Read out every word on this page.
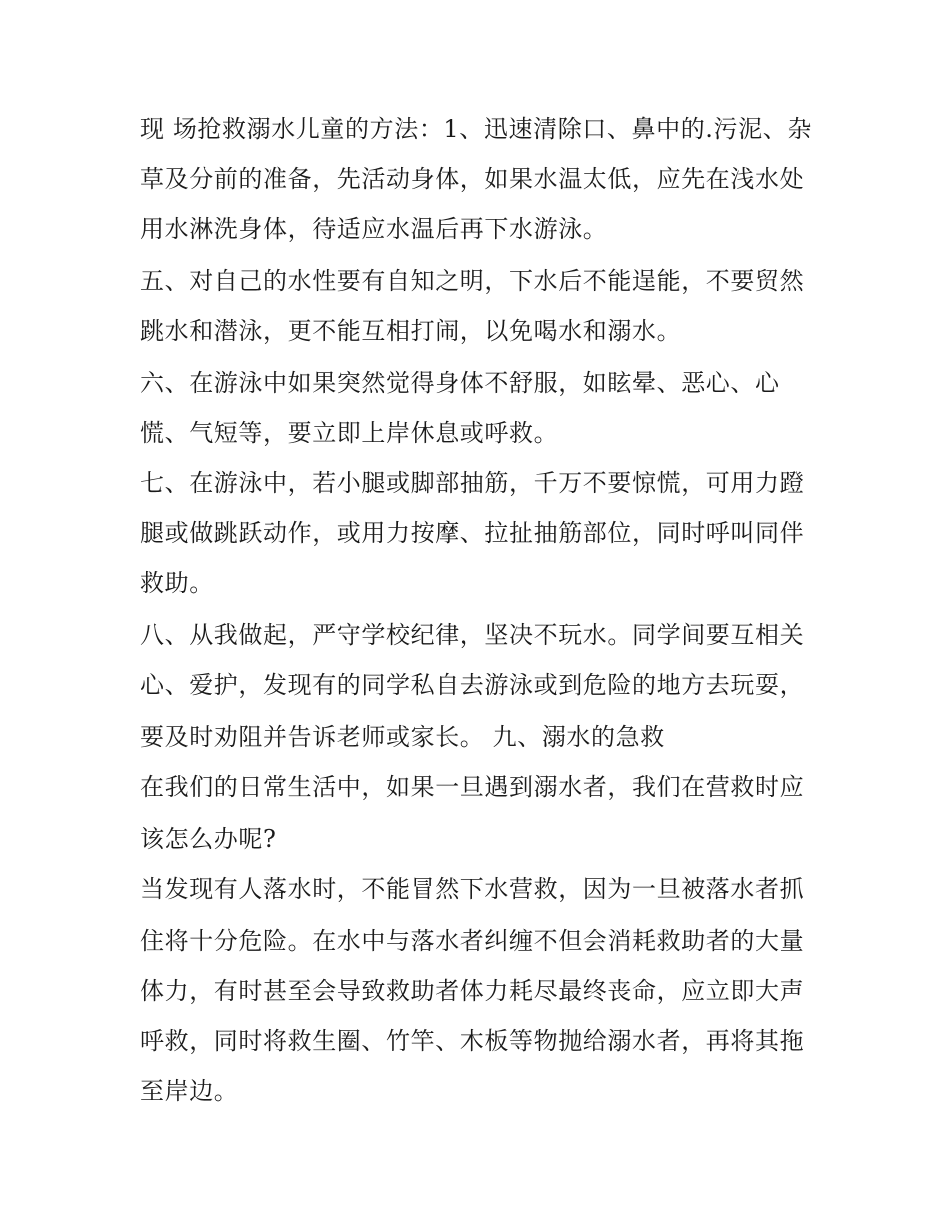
现 场抢救溺水儿童的方法：1、迅速清除口、鼻中的.污泥、杂
草及分前的准备，先活动身体，如果水温太低，应先在浅水处
用水淋洗身体，待适应水温后再下水游泳。
五、对自己的水性要有自知之明，下水后不能逞能，不要贸然
跳水和潜泳，更不能互相打闹，以免喝水和溺水。
六、在游泳中如果突然觉得身体不舒服，如眩晕、恶心、心
慌、气短等，要立即上岸休息或呼救。
七、在游泳中，若小腿或脚部抽筋，千万不要惊慌，可用力蹬
腿或做跳跃动作，或用力按摩、拉扯抽筋部位，同时呼叫同伴
救助。
八、从我做起，严守学校纪律，坚决不玩水。同学间要互相关
心、爱护，发现有的同学私自去游泳或到危险的地方去玩耍，
要及时劝阻并告诉老师或家长。 九、溺水的急救
在我们的日常生活中，如果一旦遇到溺水者，我们在营救时应
该怎么办呢?
当发现有人落水时，不能冒然下水营救，因为一旦被落水者抓
住将十分危险。在水中与落水者纠缠不但会消耗救助者的大量
体力，有时甚至会导致救助者体力耗尽最终丧命，应立即大声
呼救，同时将救生圈、竹竿、木板等物抛给溺水者，再将其拖
至岸边。
